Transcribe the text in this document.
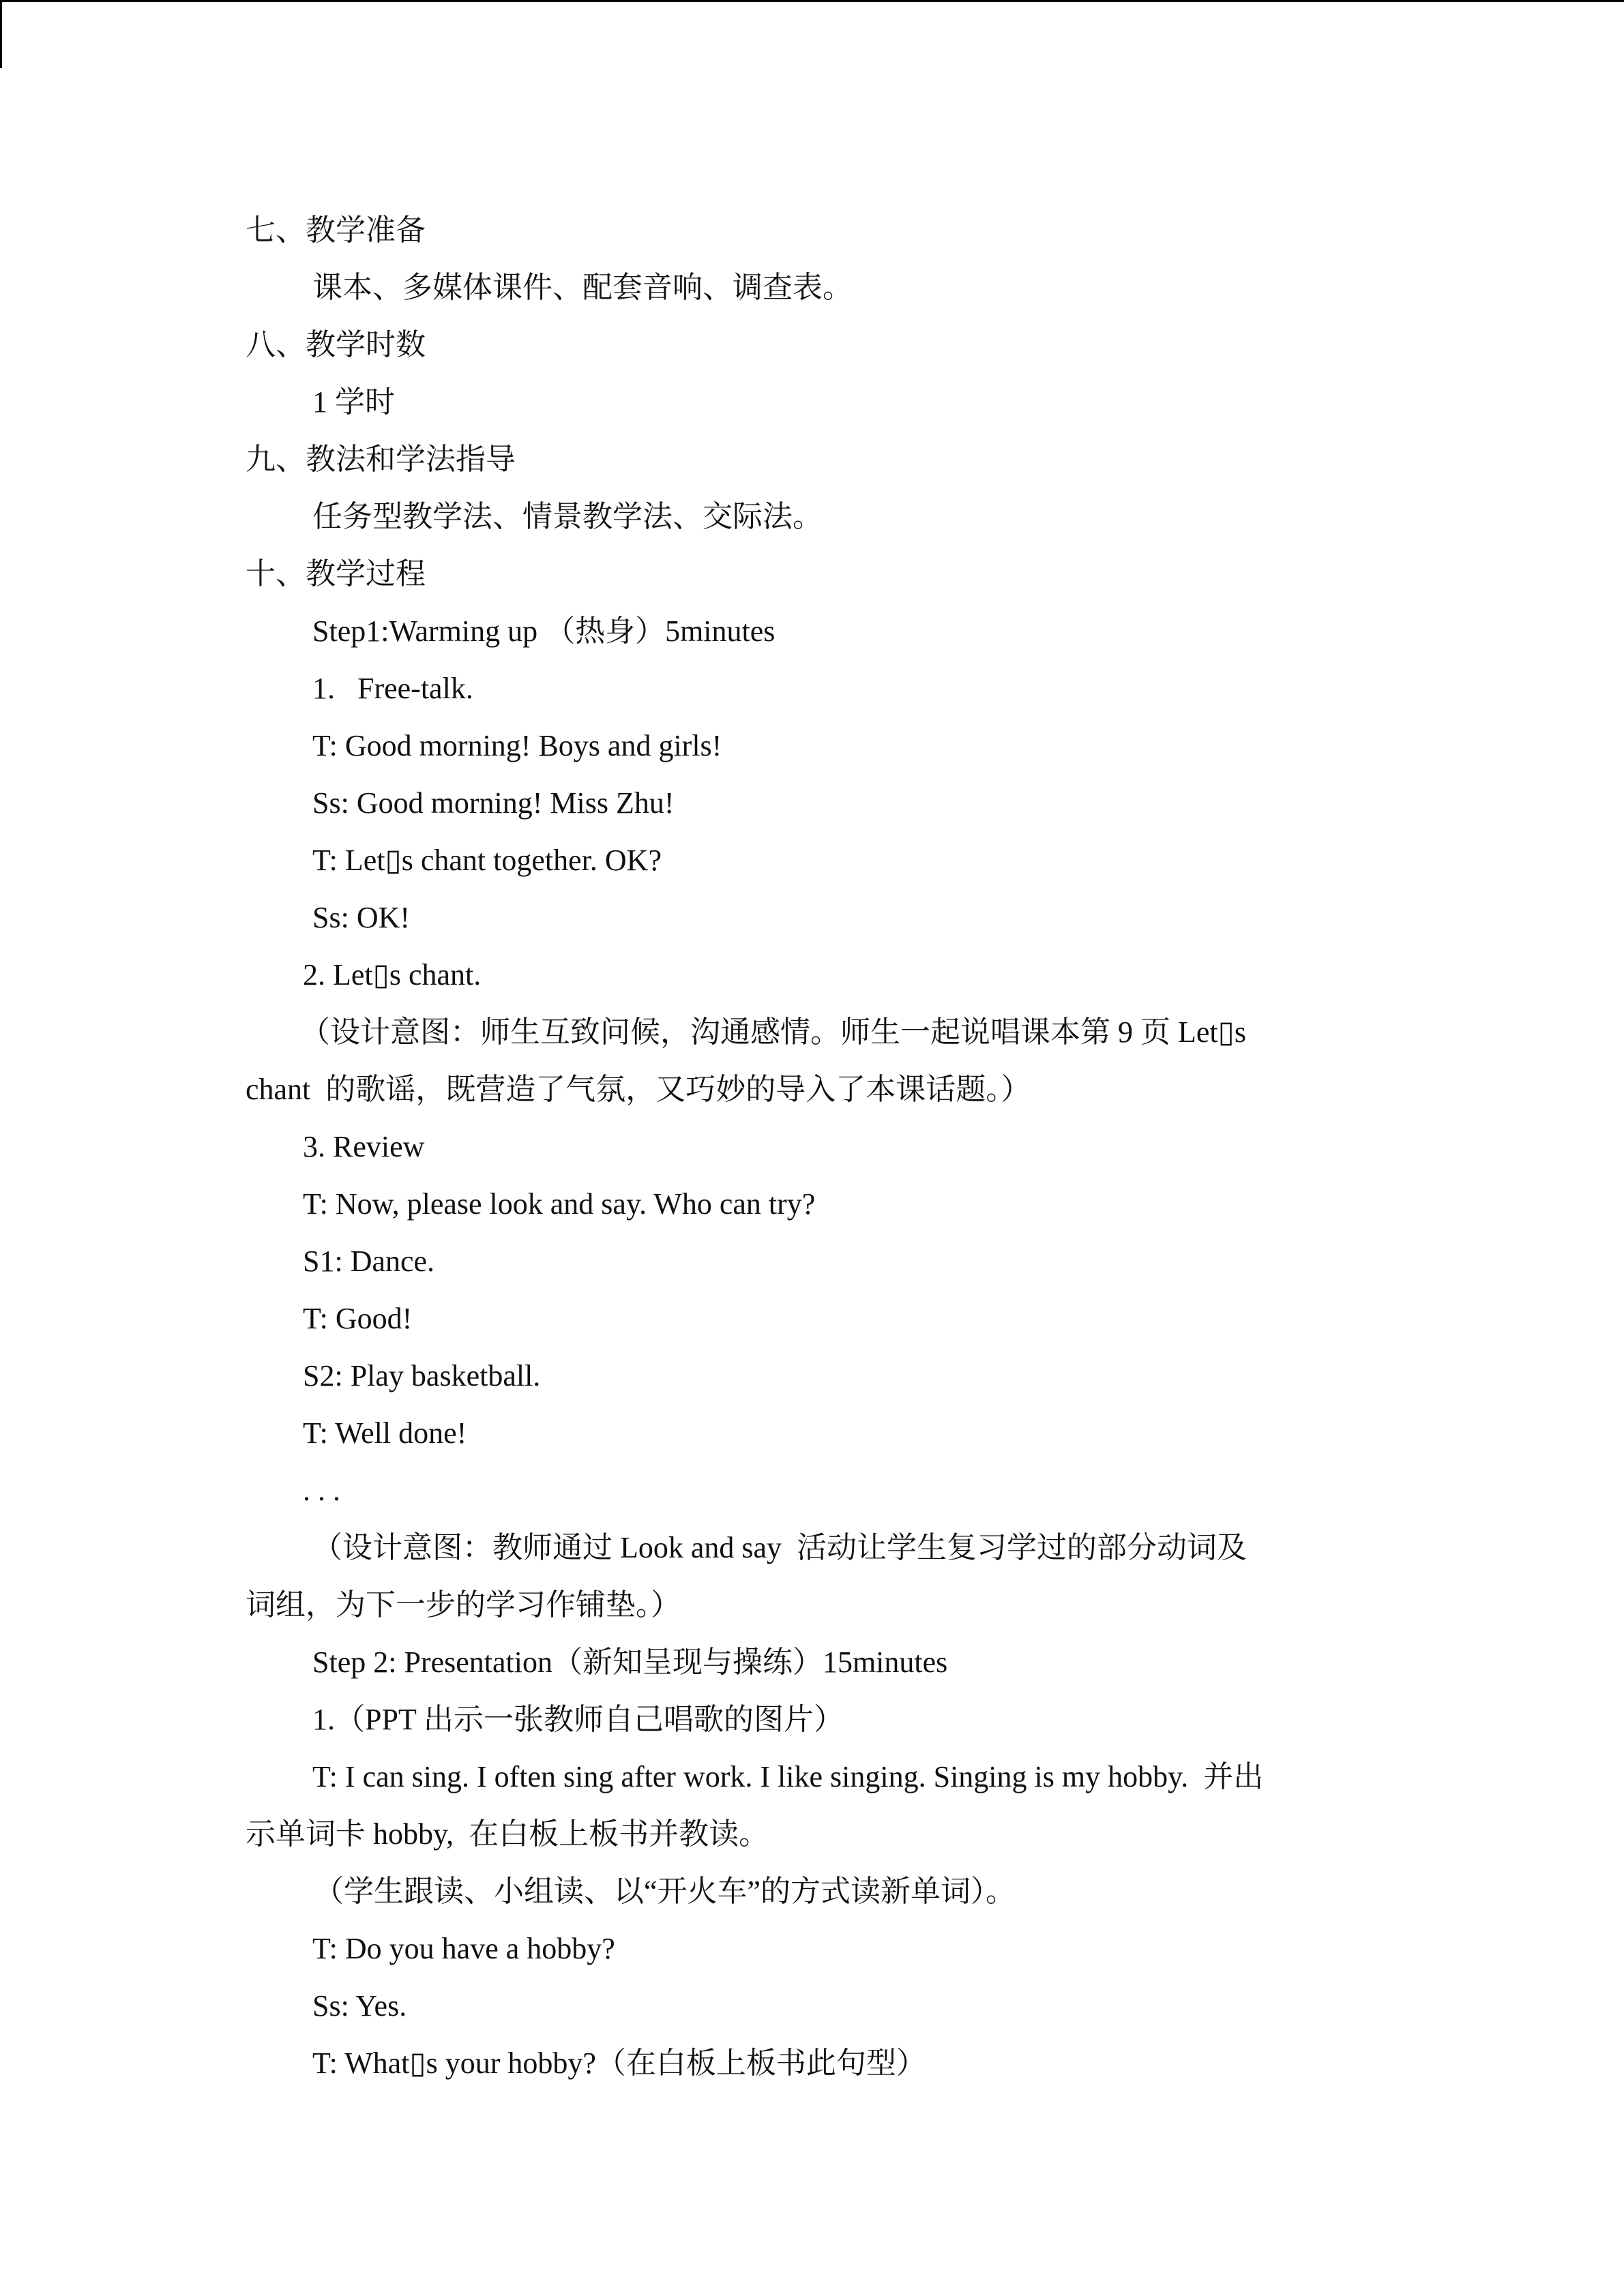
七、教学准备
课本、多媒体课件、配套音响、调查表。
八、教学时数
1 学时
九、教法和学法指导
任务型教学法、情景教学法、交际法。
十、教学过程
Step1:Warming up （热身）5minutes
1.   Free-talk.
T: Good morning! Boys and girls!
Ss: Good morning! Miss Zhu!
T: Let▯s chant together. OK?
Ss: OK!
2. Let▯s chant.
（设计意图：师生互致问候，沟通感情。师生一起说唱课本第 9 页 Let▯s
chant  的歌谣，既营造了气氛，又巧妙的导入了本课话题。）
3. Review
T: Now, please look and say. Who can try?
S1: Dance.
T: Good!
S2: Play basketball.
T: Well done!
. . .
（设计意图：教师通过 Look and say  活动让学生复习学过的部分动词及
词组，为下一步的学习作铺垫。）
Step 2: Presentation（新知呈现与操练）15minutes
1.（PPT 出示一张教师自己唱歌的图片）
T: I can sing. I often sing after work. I like singing. Singing is my hobby.  并出
示单词卡 hobby,  在白板上板书并教读。
（学生跟读、小组读、以“开火车”的方式读新单词）。
T: Do you have a hobby?
Ss: Yes.
T: What▯s your hobby?（在白板上板书此句型）
